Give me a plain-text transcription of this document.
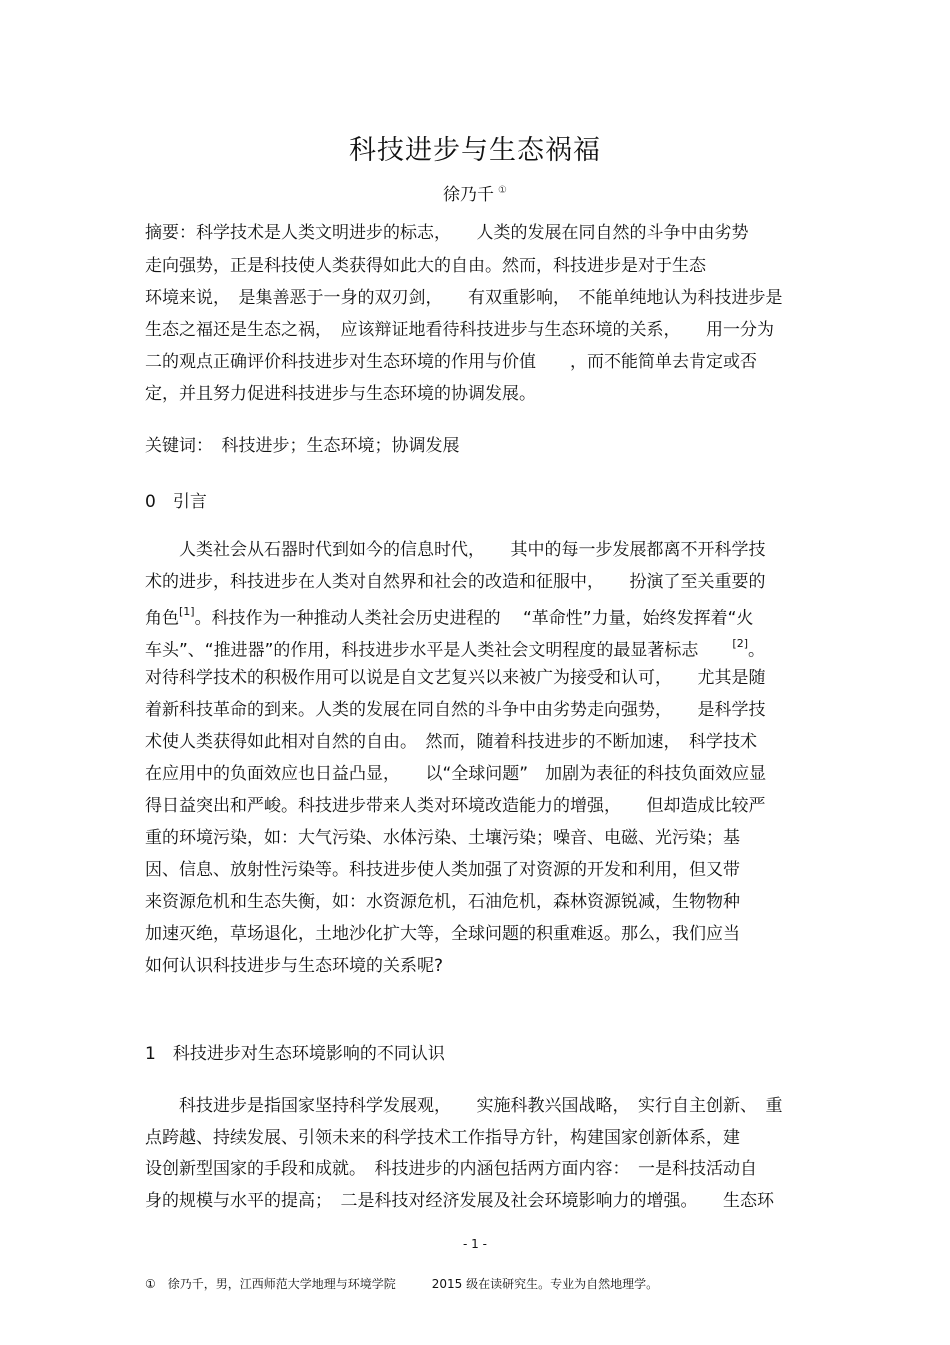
科技进步与生态祸福
徐乃千 ①
摘要：科学技术是人类文明进步的标志，　　人类的发展在同自然的斗争中由劣势
走向强势，正是科技使人类获得如此大的自由。然而，科技进步是对于生态
环境来说，　是集善恶于一身的双刃剑，　　有双重影响，　不能单纯地认为科技进步是
生态之福还是生态之祸，　应该辩证地看待科技进步与生态环境的关系，　　用一分为
二的观点正确评价科技进步对生态环境的作用与价值　　，而不能简单去肯定或否
定，并且努力促进科技进步与生态环境的协调发展。
关键词：　科技进步；生态环境；协调发展
0　引言
　　人类社会从石器时代到如今的信息时代，　　其中的每一步发展都离不开科学技
术的进步，科技进步在人类对自然界和社会的改造和征服中，　　扮演了至关重要的
角色[1]。科技作为一种推动人类社会历史进程的　 “革命性”力量，始终发挥着“火
车头”、“推进器”的作用，科技进步水平是人类社会文明程度的最显著标志　　[2]。
对待科学技术的积极作用可以说是自文艺复兴以来被广为接受和认可，　　尤其是随
着新科技革命的到来。人类的发展在同自然的斗争中由劣势走向强势，　　是科学技
术使人类获得如此相对自然的自由。　然而，随着科技进步的不断加速，　科学技术
在应用中的负面效应也日益凸显，　　以“全球问题”　加剧为表征的科技负面效应显
得日益突出和严峻。科技进步带来人类对环境改造能力的增强，　　但却造成比较严
重的环境污染，如：大气污染、水体污染、土壤污染；噪音、电磁、光污染；基
因、信息、放射性污染等。科技进步使人类加强了对资源的开发和利用，但又带
来资源危机和生态失衡，如：水资源危机，石油危机，森林资源锐减，生物物种
加速灭绝，草场退化，土地沙化扩大等，全球问题的积重难返。那么，我们应当
如何认识科技进步与生态环境的关系呢?
1　科技进步对生态环境影响的不同认识
　　科技进步是指国家坚持科学发展观，　　实施科教兴国战略，　实行自主创新、　重
点跨越、持续发展、引领未来的科学技术工作指导方针，构建国家创新体系，建
设创新型国家的手段和成就。　科技进步的内涵包括两方面内容：　一是科技活动自
身的规模与水平的提高；　二是科技对经济发展及社会环境影响力的增强。　　生态环
- 1 -
①　徐乃千，男，江西师范大学地理与环境学院　　　2015 级在读研究生。专业为自然地理学。
